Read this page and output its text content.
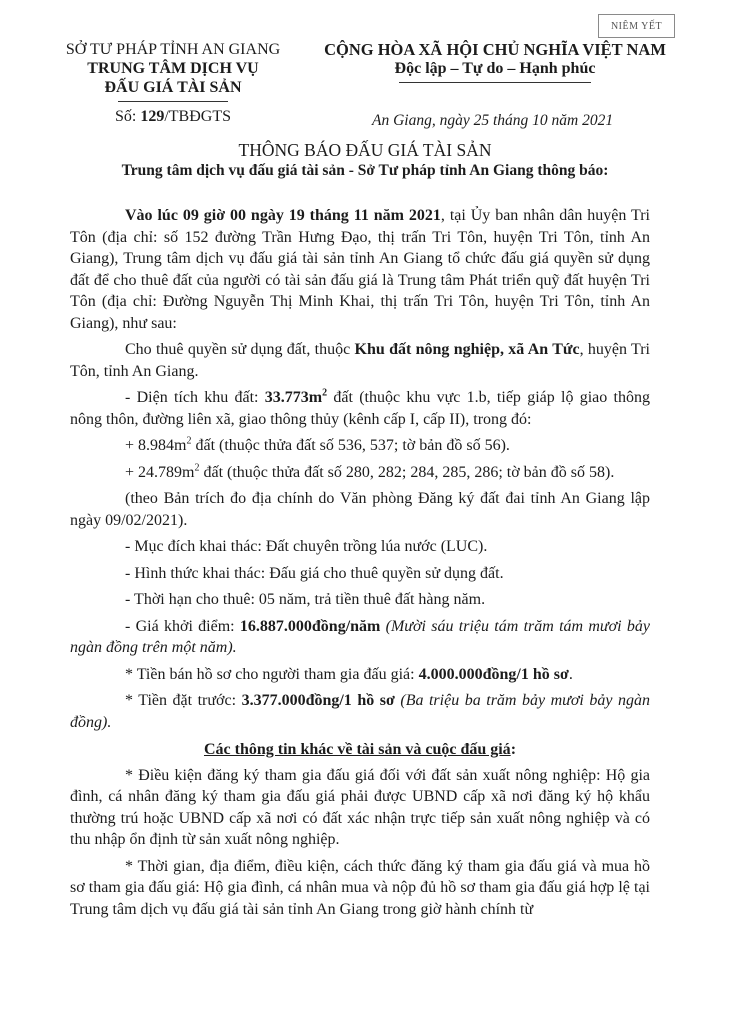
NIÊM YẾT
SỞ TƯ PHÁP TỈNH AN GIANG
TRUNG TÂM DỊCH VỤ
ĐẤU GIÁ TÀI SẢN
Số: 129/TBĐGTS
CỘNG HÒA XÃ HỘI CHỦ NGHĨA VIỆT NAM
Độc lập – Tự do – Hạnh phúc
An Giang, ngày 25 tháng 10 năm 2021
THÔNG BÁO ĐẤU GIÁ TÀI SẢN
Trung tâm dịch vụ đấu giá tài sản - Sở Tư pháp tỉnh An Giang thông báo:

Vào lúc 09 giờ 00 ngày 19 tháng 11 năm 2021, tại Ủy ban nhân dân huyện Tri Tôn (địa chỉ: số 152 đường Trần Hưng Đạo, thị trấn Tri Tôn, huyện Tri Tôn, tỉnh An Giang), Trung tâm dịch vụ đấu giá tài sản tỉnh An Giang tổ chức đấu giá quyền sử dụng đất để cho thuê đất của người có tài sản đấu giá là Trung tâm Phát triển quỹ đất huyện Tri Tôn (địa chỉ: Đường Nguyễn Thị Minh Khai, thị trấn Tri Tôn, huyện Tri Tôn, tỉnh An Giang), như sau:

Cho thuê quyền sử dụng đất, thuộc Khu đất nông nghiệp, xã An Tức, huyện Tri Tôn, tỉnh An Giang.

- Diện tích khu đất: $33.773m^2$ đất (thuộc khu vực 1.b, tiếp giáp lộ giao thông nông thôn, đường liên xã, giao thông thủy (kênh cấp I, cấp II), trong đó:

+ $8.984m^2$ đất (thuộc thửa đất số 536, 537; tờ bản đồ số 56).

+ $24.789m^2$ đất (thuộc thửa đất số 280, 282; 284, 285, 286; tờ bản đồ số 58).

(theo Bản trích đo địa chính do Văn phòng Đăng ký đất đai tỉnh An Giang lập ngày 09/02/2021).

- Mục đích khai thác: Đất chuyên trồng lúa nước (LUC).

- Hình thức khai thác: Đấu giá cho thuê quyền sử dụng đất.

- Thời hạn cho thuê: 05 năm, trả tiền thuê đất hàng năm.

- Giá khởi điểm: 16.887.000đồng/năm (Mười sáu triệu tám trăm tám mươi bảy ngàn đồng trên một năm).

* Tiền bán hồ sơ cho người tham gia đấu giá: 4.000.000đồng/1 hồ sơ.

* Tiền đặt trước: 3.377.000đồng/1 hồ sơ (Ba triệu ba trăm bảy mươi bảy ngàn đồng).

Các thông tin khác về tài sản và cuộc đấu giá:

* Điều kiện đăng ký tham gia đấu giá đối với đất sản xuất nông nghiệp: Hộ gia đình, cá nhân đăng ký tham gia đấu giá phải được UBND cấp xã nơi đăng ký hộ khẩu thường trú hoặc UBND cấp xã nơi có đất xác nhận trực tiếp sản xuất nông nghiệp và có thu nhập ổn định từ sản xuất nông nghiệp.

* Thời gian, địa điểm, điều kiện, cách thức đăng ký tham gia đấu giá và mua hồ sơ tham gia đấu giá: Hộ gia đình, cá nhân mua và nộp đủ hồ sơ tham gia đấu giá hợp lệ tại Trung tâm dịch vụ đấu giá tài sản tỉnh An Giang trong giờ hành chính từ
